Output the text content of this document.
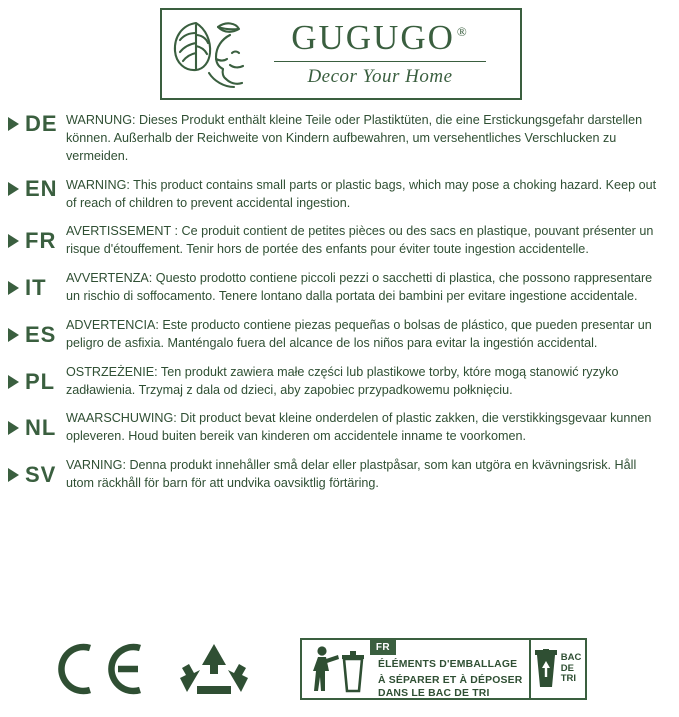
GUGUGO ®
Decor Your Home
DE WARNUNG: Dieses Produkt enthält kleine Teile oder Plastiktüten, die eine Erstickungsgefahr darstellen können. Außerhalb der Reichweite von Kindern aufbewahren, um versehentliches Verschlucken zu vermeiden.
EN WARNING: This product contains small parts or plastic bags, which may pose a choking hazard. Keep out of reach of children to prevent accidental ingestion.
FR AVERTISSEMENT : Ce produit contient de petites pièces ou des sacs en plastique, pouvant présenter un risque d'étouffement. Tenir hors de portée des enfants pour éviter toute ingestion accidentelle.
IT AVVERTENZA: Questo prodotto contiene piccoli pezzi o sacchetti di plastica, che possono rappresentare un rischio di soffocamento. Tenere lontano dalla portata dei bambini per evitare ingestione accidentale.
ES ADVERTENCIA: Este producto contiene piezas pequeñas o bolsas de plástico, que pueden presentar un peligro de asfixia. Manténgalo fuera del alcance de los niños para evitar la ingestión accidental.
PL OSTRZEŻENIE: Ten produkt zawiera małe części lub plastikowe torby, które mogą stanowić ryzyko zadławienia. Trzymaj z dala od dzieci, aby zapobiec przypadkowemu połknięciu.
NL WAARSCHUWING: Dit product bevat kleine onderdelen of plastic zakken, die verstikkingsgevaar kunnen opleveren. Houd buiten bereik van kinderen om accidentele inname te voorkomen.
SV VARNING: Denna produkt innehåller små delar eller plastpåsar, som kan utgöra en kvävningsrisk. Håll utom räckhåll för barn för att undvika oavsiktlig förtäring.
FR
ÉLÉMENTS D'EMBALLAGE
À SÉPARER ET À DÉPOSER
DANS LE BAC DE TRI
BAC
DE
TRI
